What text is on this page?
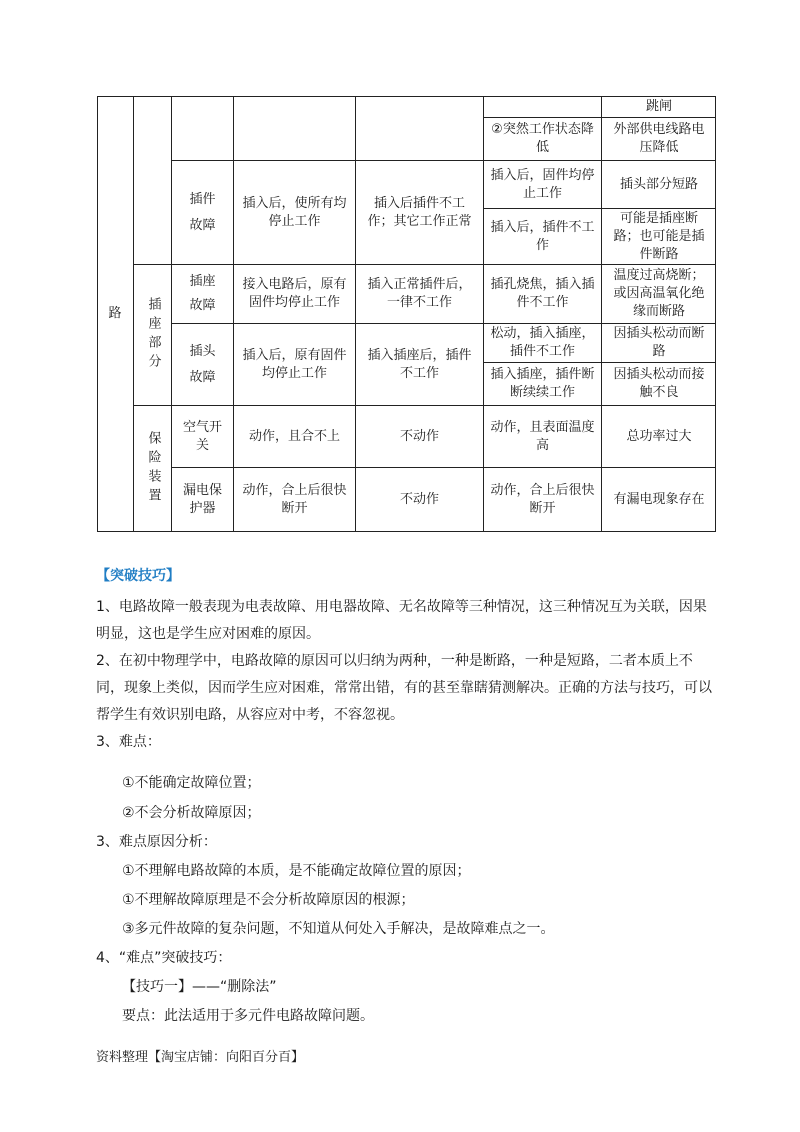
路	插座部分
保险装置
跳闸
②突然工作状态降低
外部供电线路电压降低
插件故障
插入后，使所有均停止工作
插入后插件不工作；其它工作正常
插入后，固件均停止工作
插头部分短路
插入后，插件不工作
可能是插座断路；也可能是插件断路
插座故障
接入电路后，原有固件均停止工作
插入正常插件后，一律不工作
插孔烧焦，插入插件不工作
温度过高烧断；或因高温氧化绝缘而断路
插头故障
插入后，原有固件均停止工作
插入插座后，插件不工作
松动，插入插座，插件不工作
因插头松动而断路
插入插座，插件断断续续工作
因插头松动而接触不良
空气开关
动作，且合不上	不动作
动作，且表面温度高
总功率过大
漏电保护器
动作，合上后很快断开
不动作
动作，合上后很快断开
有漏电现象存在
【突破技巧】
1、电路故障一般表现为电表故障、用电器故障、无名故障等三种情况，这三种情况互为关联，因果明显，这也是学生应对困难的原因。
2、在初中物理学中，电路故障的原因可以归纳为两种，一种是断路，一种是短路，二者本质上不同，现象上类似，因而学生应对困难，常常出错，有的甚至靠瞎猜测解决。正确的方法与技巧，可以帮学生有效识别电路，从容应对中考，不容忽视。
3、难点：
①不能确定故障位置；
②不会分析故障原因；
3、难点原因分析：
①不理解电路故障的本质，是不能确定故障位置的原因；
①不理解故障原理是不会分析故障原因的根源；
③多元件故障的复杂问题，不知道从何处入手解决，是故障难点之一。
4、“难点”突破技巧：
【技巧一】——“删除法”
要点：此法适用于多元件电路故障问题。
资料整理【淘宝店铺：向阳百分百】
